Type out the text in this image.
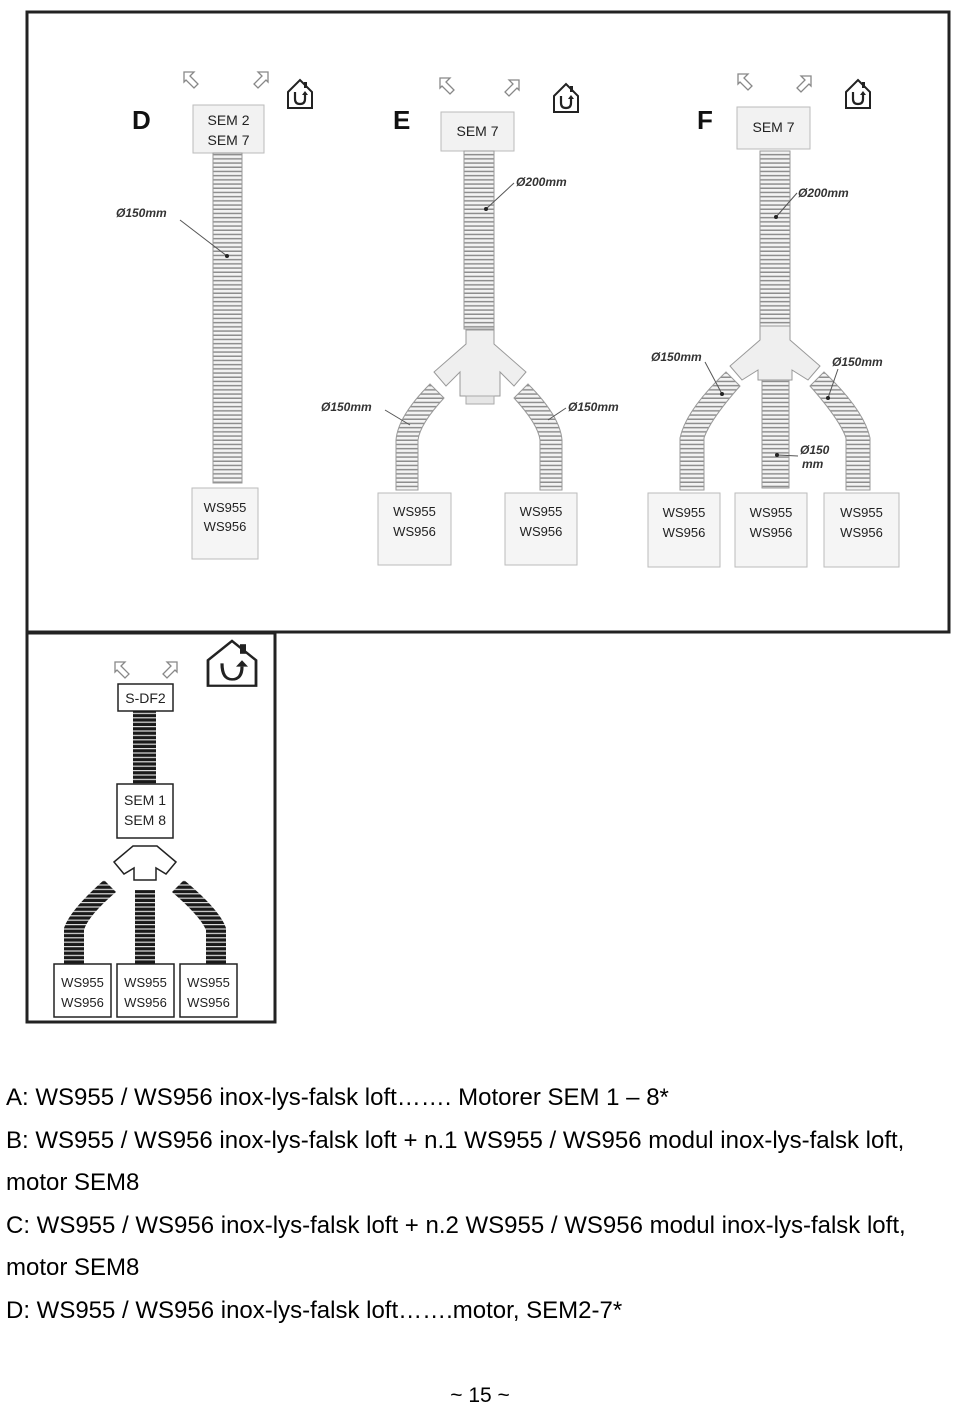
D	SEM 2
SEM 7
Ø150mm
WS955
WS956
E	SEM 7
Ø200mm
Ø150mm	Ø150mm
WS955
WS956
WS955
WS956
F	SEM 7
Ø200mm
Ø150mm	Ø150mm
Ø150
mm
WS955
WS956
WS955
WS956
WS955
WS956
S-DF2
SEM 1
SEM 8
WS955
WS956
WS955
WS956
WS955
WS956

A: WS955 / WS956 inox-lys-falsk loft……. Motorer SEM 1 – 8*

B: WS955 / WS956 inox-lys-falsk loft + n.1 WS955 / WS956 modul inox-lys-falsk loft, motor SEM8

C: WS955 / WS956 inox-lys-falsk loft + n.2 WS955 / WS956 modul inox-lys-falsk loft, motor SEM8

D: WS955 / WS956 inox-lys-falsk loft…….motor, SEM2-7*

~ 15 ~
